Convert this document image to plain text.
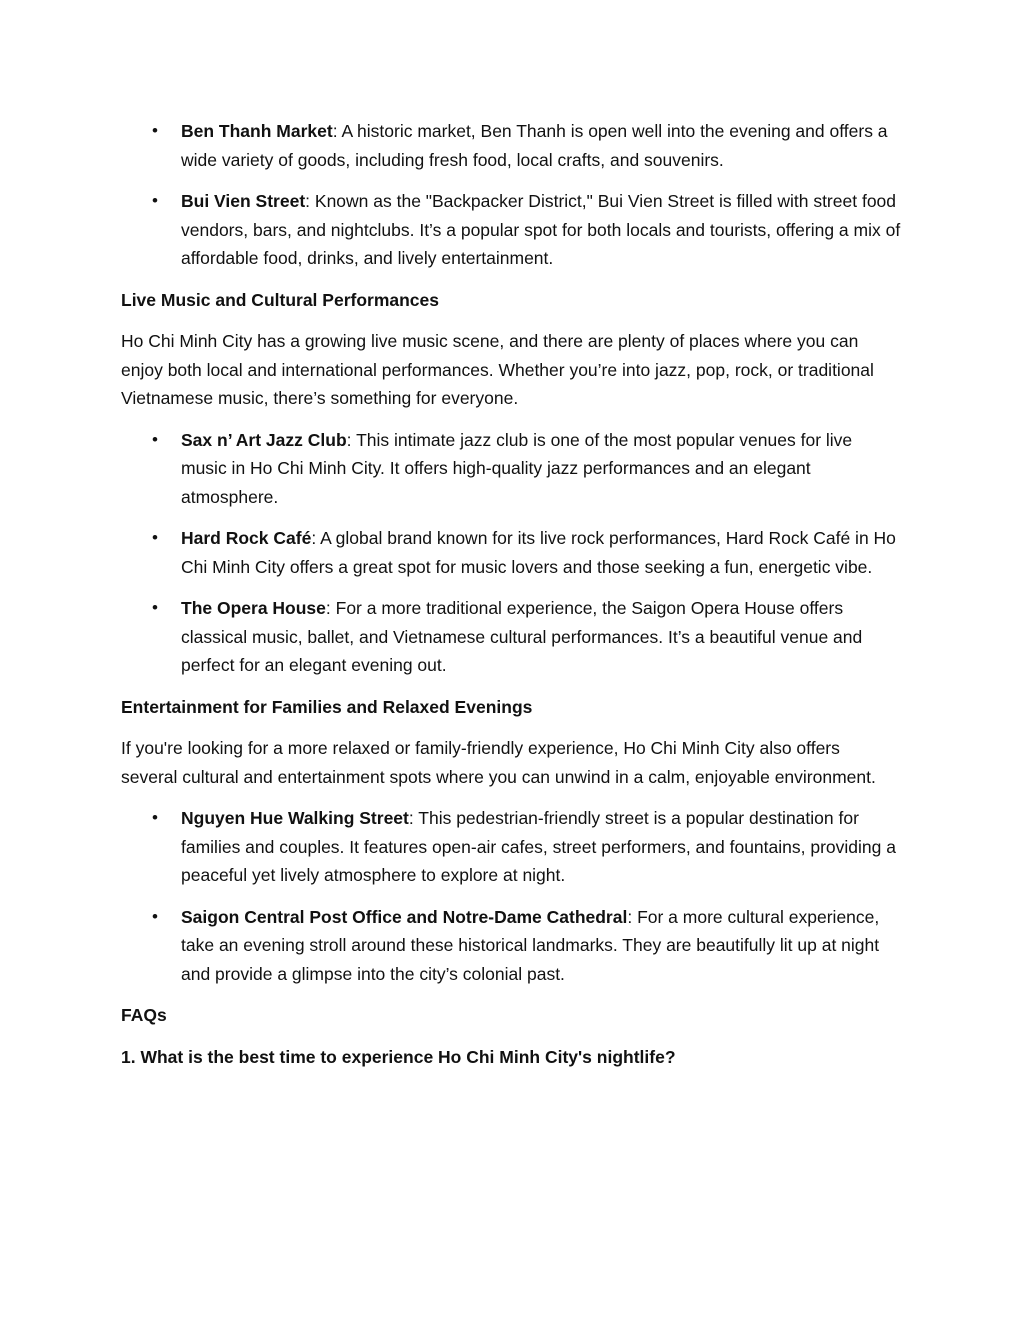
• Ben Thanh Market: A historic market, Ben Thanh is open well into the evening and offers a wide variety of goods, including fresh food, local crafts, and souvenirs.
• Bui Vien Street: Known as the "Backpacker District," Bui Vien Street is filled with street food vendors, bars, and nightclubs. It’s a popular spot for both locals and tourists, offering a mix of affordable food, drinks, and lively entertainment.
Live Music and Cultural Performances
Ho Chi Minh City has a growing live music scene, and there are plenty of places where you can enjoy both local and international performances. Whether you’re into jazz, pop, rock, or traditional Vietnamese music, there’s something for everyone.
• Sax n’ Art Jazz Club: This intimate jazz club is one of the most popular venues for live music in Ho Chi Minh City. It offers high-quality jazz performances and an elegant atmosphere.
• Hard Rock Café: A global brand known for its live rock performances, Hard Rock Café in Ho Chi Minh City offers a great spot for music lovers and those seeking a fun, energetic vibe.
• The Opera House: For a more traditional experience, the Saigon Opera House offers classical music, ballet, and Vietnamese cultural performances. It’s a beautiful venue and perfect for an elegant evening out.
Entertainment for Families and Relaxed Evenings
If you're looking for a more relaxed or family-friendly experience, Ho Chi Minh City also offers several cultural and entertainment spots where you can unwind in a calm, enjoyable environment.
• Nguyen Hue Walking Street: This pedestrian-friendly street is a popular destination for families and couples. It features open-air cafes, street performers, and fountains, providing a peaceful yet lively atmosphere to explore at night.
• Saigon Central Post Office and Notre-Dame Cathedral: For a more cultural experience, take an evening stroll around these historical landmarks. They are beautifully lit up at night and provide a glimpse into the city’s colonial past.
FAQs
1. What is the best time to experience Ho Chi Minh City's nightlife?
